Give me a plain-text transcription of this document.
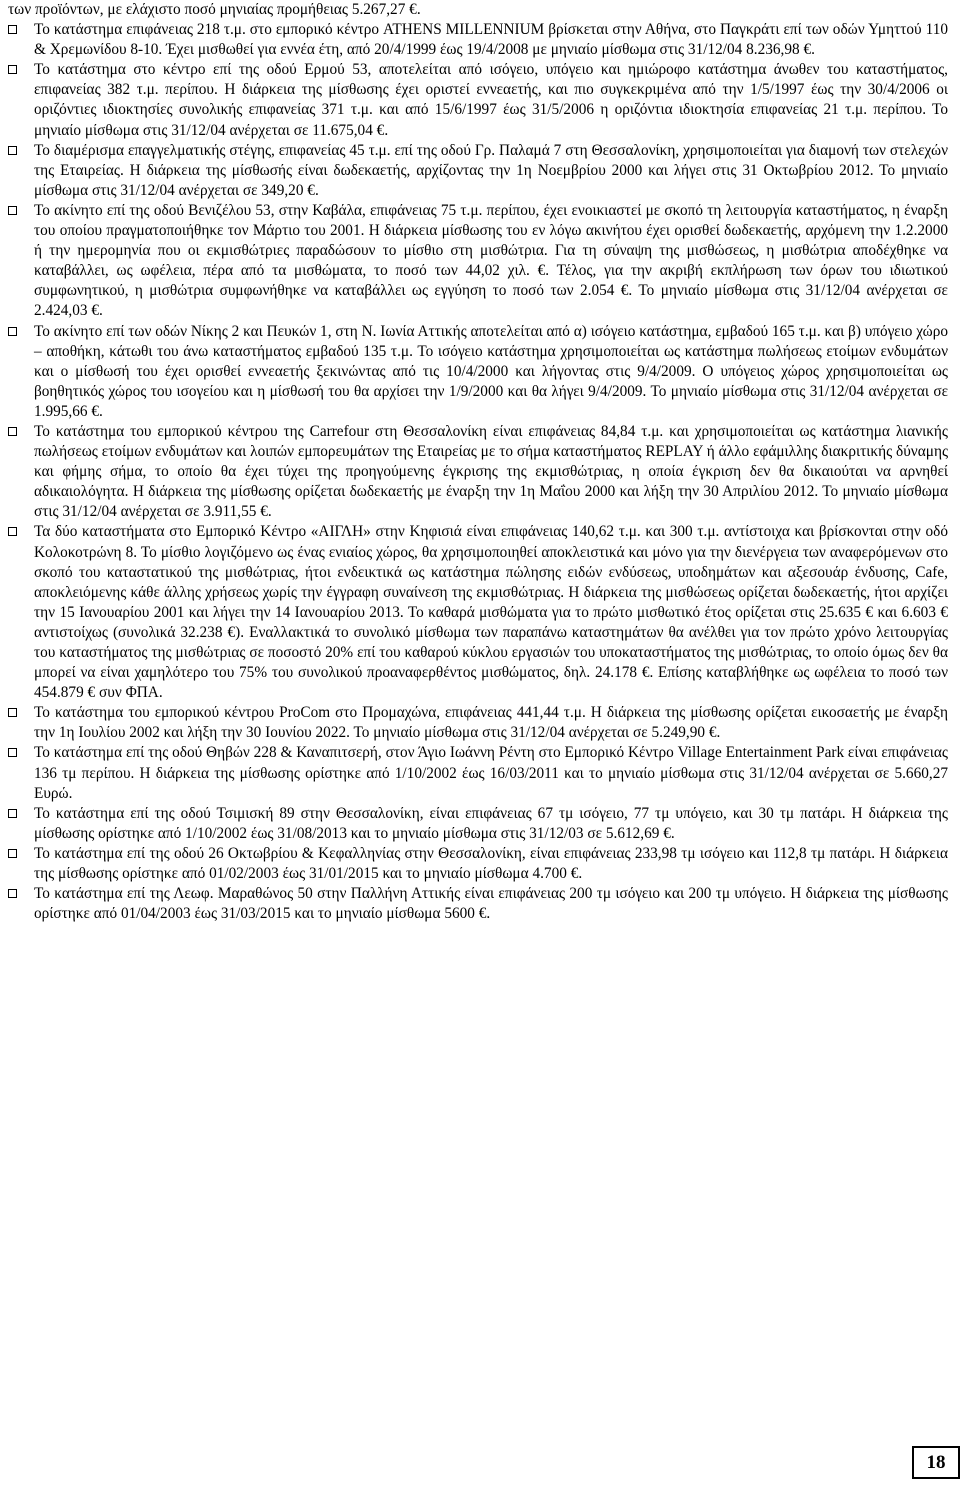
των προϊόντων, με ελάχιστο ποσό μηνιαίας προμήθειας 5.267,27 €.

Το κατάστημα επιφάνειας 218 τ.μ. στο εμπορικό κέντρο ATHENS MILLENNIUM βρίσκεται στην Αθήνα, στο Παγκράτι επί των οδών Υμηττού 110 & Χρεμωνίδου 8-10. Έχει μισθωθεί για εννέα έτη, από 20/4/1999 έως 19/4/2008 με μηνιαίο μίσθωμα στις 31/12/04 8.236,98 €.

Το κατάστημα στο κέντρο επί της οδού Ερμού 53, αποτελείται από ισόγειο, υπόγειο και ημιώροφο κατάστημα άνωθεν του καταστήματος, επιφανείας 382 τ.μ. περίπου. Η διάρκεια της μίσθωσης έχει οριστεί εννεαετής, και πιο συγκεκριμένα από την 1/5/1997 έως την 30/4/2006 οι οριζόντιες ιδιοκτησίες συνολικής επιφανείας 371 τ.μ. και από 15/6/1997 έως 31/5/2006 η οριζόντια ιδιοκτησία επιφανείας 21 τ.μ. περίπου. Το μηνιαίο μίσθωμα στις 31/12/04 ανέρχεται σε 11.675,04 €.

Το διαμέρισμα επαγγελματικής στέγης, επιφανείας 45 τ.μ. επί της οδού Γρ. Παλαμά 7 στη Θεσσαλονίκη, χρησιμοποιείται για διαμονή των στελεχών της Εταιρείας. Η διάρκεια της μίσθωσής είναι δωδεκαετής, αρχίζοντας την 1η Νοεμβρίου 2000 και λήγει στις 31 Οκτωβρίου 2012. Το μηνιαίο μίσθωμα στις 31/12/04 ανέρχεται σε 349,20 €.

Το ακίνητο επί της οδού Βενιζέλου 53, στην Καβάλα, επιφάνειας 75 τ.μ. περίπου, έχει ενοικιαστεί με σκοπό τη λειτουργία καταστήματος, η έναρξη του οποίου πραγματοποιήθηκε τον Μάρτιο του 2001. Η διάρκεια μίσθωσης του εν λόγω ακινήτου έχει ορισθεί δωδεκαετής, αρχόμενη την 1.2.2000 ή την ημερομηνία που οι εκμισθώτριες παραδώσουν το μίσθιο στη μισθώτρια. Για τη σύναψη της μισθώσεως, η μισθώτρια αποδέχθηκε να καταβάλλει, ως ωφέλεια, πέρα από τα μισθώματα, το ποσό των 44,02 χιλ. €. Τέλος, για την ακριβή εκπλήρωση των όρων του ιδιωτικού συμφωνητικού, η μισθώτρια συμφωνήθηκε να καταβάλλει ως εγγύηση το ποσό των 2.054 €. Το μηνιαίο μίσθωμα στις 31/12/04 ανέρχεται σε 2.424,03 €.

Το ακίνητο επί των οδών Νίκης 2 και Πευκών 1, στη Ν. Ιωνία Αττικής αποτελείται από α) ισόγειο κατάστημα, εμβαδού 165 τ.μ. και β) υπόγειο χώρο – αποθήκη, κάτωθι του άνω καταστήματος εμβαδού 135 τ.μ. Το ισόγειο κατάστημα χρησιμοποιείται ως κατάστημα πωλήσεως ετοίμων ενδυμάτων και ο μίσθωσή του έχει ορισθεί εννεαετής ξεκινώντας από τις 10/4/2000 και λήγοντας στις 9/4/2009. Ο υπόγειος χώρος χρησιμοποιείται ως βοηθητικός χώρος του ισογείου και η μίσθωσή του θα αρχίσει την 1/9/2000 και θα λήγει 9/4/2009. Το μηνιαίο μίσθωμα στις 31/12/04 ανέρχεται σε 1.995,66 €.

Το κατάστημα του εμπορικού κέντρου της Carrefour στη Θεσσαλονίκη είναι επιφάνειας 84,84 τ.μ. και χρησιμοποιείται ως κατάστημα λιανικής πωλήσεως ετοίμων ενδυμάτων και λοιπών εμπορευμάτων της Εταιρείας με το σήμα καταστήματος REPLAY ή άλλο εφάμιλλης διακριτικής δύναμης και φήμης σήμα, το οποίο θα έχει τύχει της προηγούμενης έγκρισης της εκμισθώτριας, η οποία έγκριση δεν θα δικαιούται να αρνηθεί αδικαιολόγητα. Η διάρκεια της μίσθωσης ορίζεται δωδεκαετής με έναρξη την 1η Μαΐου 2000 και λήξη την 30 Απριλίου 2012. Το μηνιαίο μίσθωμα στις 31/12/04 ανέρχεται σε 3.911,55 €.

Τα δύο καταστήματα στο Εμπορικό Κέντρο «ΑΙΓΛΗ» στην Κηφισιά είναι επιφάνειας 140,62 τ.μ. και 300 τ.μ. αντίστοιχα και βρίσκονται στην οδό Κολοκοτρώνη 8. Το μίσθιο λογιζόμενο ως ένας ενιαίος χώρος, θα χρησιμοποιηθεί αποκλειστικά και μόνο για την διενέργεια των αναφερόμενων στο σκοπό του καταστατικού της μισθώτριας, ήτοι ενδεικτικά ως κατάστημα πώλησης ειδών ενδύσεως, υποδημάτων και αξεσουάρ ένδυσης, Cafe, αποκλειόμενης κάθε άλλης χρήσεως χωρίς την έγγραφη συναίνεση της εκμισθώτριας. Η διάρκεια της μισθώσεως ορίζεται δωδεκαετής, ήτοι αρχίζει την 15 Ιανουαρίου 2001 και λήγει την 14 Ιανουαρίου 2013. Το καθαρά μισθώματα για το πρώτο μισθωτικό έτος ορίζεται στις 25.635 € και 6.603 € αντιστοίχως (συνολικά 32.238 €). Εναλλακτικά το συνολικό μίσθωμα των παραπάνω καταστημάτων θα ανέλθει για τον πρώτο χρόνο λειτουργίας του καταστήματος της μισθώτριας σε ποσοστό 20% επί του καθαρού κύκλου εργασιών του υποκαταστήματος της μισθώτριας, το οποίο όμως δεν θα μπορεί να είναι χαμηλότερο του 75% του συνολικού προαναφερθέντος μισθώματος, δηλ. 24.178 €. Επίσης καταβλήθηκε ως ωφέλεια το ποσό των 454.879 € συν ΦΠΑ.

Το κατάστημα του εμπορικού κέντρου ProCom στο Προμαχώνα, επιφάνειας 441,44 τ.μ. Η διάρκεια της μίσθωσης ορίζεται εικοσαετής με έναρξη την 1η Ιουλίου 2002 και λήξη την 30 Ιουνίου 2022. Το μηνιαίο μίσθωμα στις 31/12/04 ανέρχεται σε 5.249,90 €.

Το κατάστημα επί της οδού Θηβών 228 & Καναπιτσερή, στον Άγιο Ιωάννη Ρέντη στο Εμπορικό Κέντρο Village Entertainment Park είναι επιφάνειας 136 τμ περίπου. Η διάρκεια της μίσθωσης ορίστηκε από 1/10/2002 έως 16/03/2011 και το μηνιαίο μίσθωμα στις 31/12/04 ανέρχεται σε 5.660,27 Ευρώ.

Το κατάστημα επί της οδού Τσιμισκή 89 στην Θεσσαλονίκη, είναι επιφάνειας 67 τμ ισόγειο, 77 τμ υπόγειο, και 30 τμ πατάρι. Η διάρκεια της μίσθωσης ορίστηκε από 1/10/2002 έως 31/08/2013 και το μηνιαίο μίσθωμα στις 31/12/03 σε 5.612,69 €.

Το κατάστημα επί της οδού 26 Οκτωβρίου & Κεφαλληνίας στην Θεσσαλονίκη, είναι επιφάνειας 233,98 τμ ισόγειο και 112,8 τμ πατάρι. Η διάρκεια της μίσθωσης ορίστηκε από 01/02/2003 έως 31/01/2015 και το μηνιαίο μίσθωμα 4.700 €.

Το κατάστημα επί της Λεωφ. Μαραθώνος 50 στην Παλλήνη Αττικής είναι επιφάνειας 200 τμ ισόγειο και 200 τμ υπόγειο. Η διάρκεια της μίσθωσης ορίστηκε από 01/04/2003 έως 31/03/2015 και το μηνιαίο μίσθωμα 5600 €.

18
